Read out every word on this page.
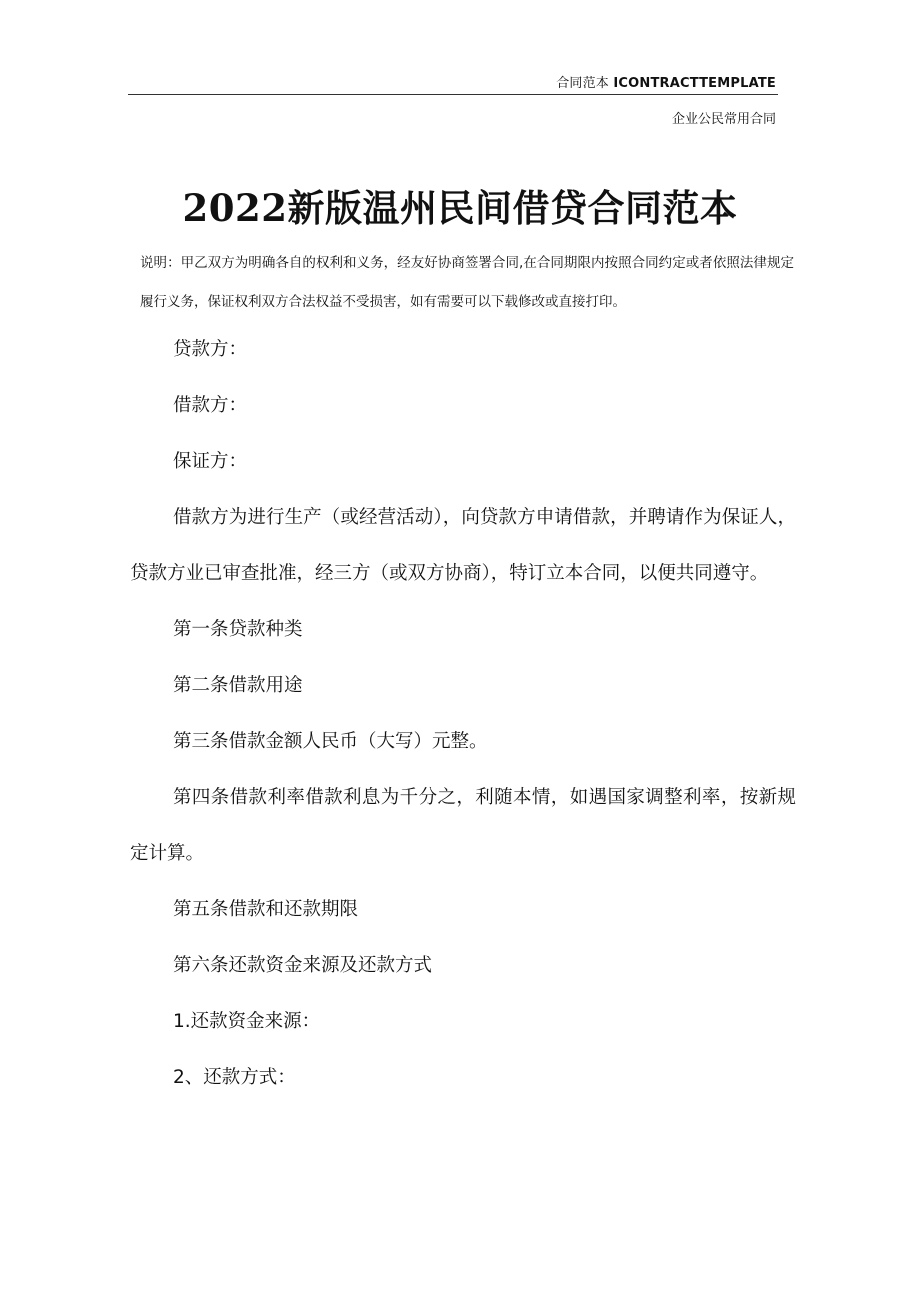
合同范本 ICONTRACTTEMPLATE
企业公民常用合同
2022新版温州民间借贷合同范本
说明：甲乙双方为明确各自的权利和义务，经友好协商签署合同,在合同期限内按照合同约定或者依照法律规定履行义务，保证权利双方合法权益不受损害，如有需要可以下载修改或直接打印。

贷款方：

借款方：

保证方：

借款方为进行生产（或经营活动），向贷款方申请借款，并聘请作为保证人，贷款方业已审查批准，经三方（或双方协商），特订立本合同，以便共同遵守。

第一条贷款种类

第二条借款用途

第三条借款金额人民币（大写）元整。

第四条借款利率借款利息为千分之，利随本情，如遇国家调整利率，按新规定计算。

第五条借款和还款期限

第六条还款资金来源及还款方式

1.还款资金来源：

2、还款方式：
